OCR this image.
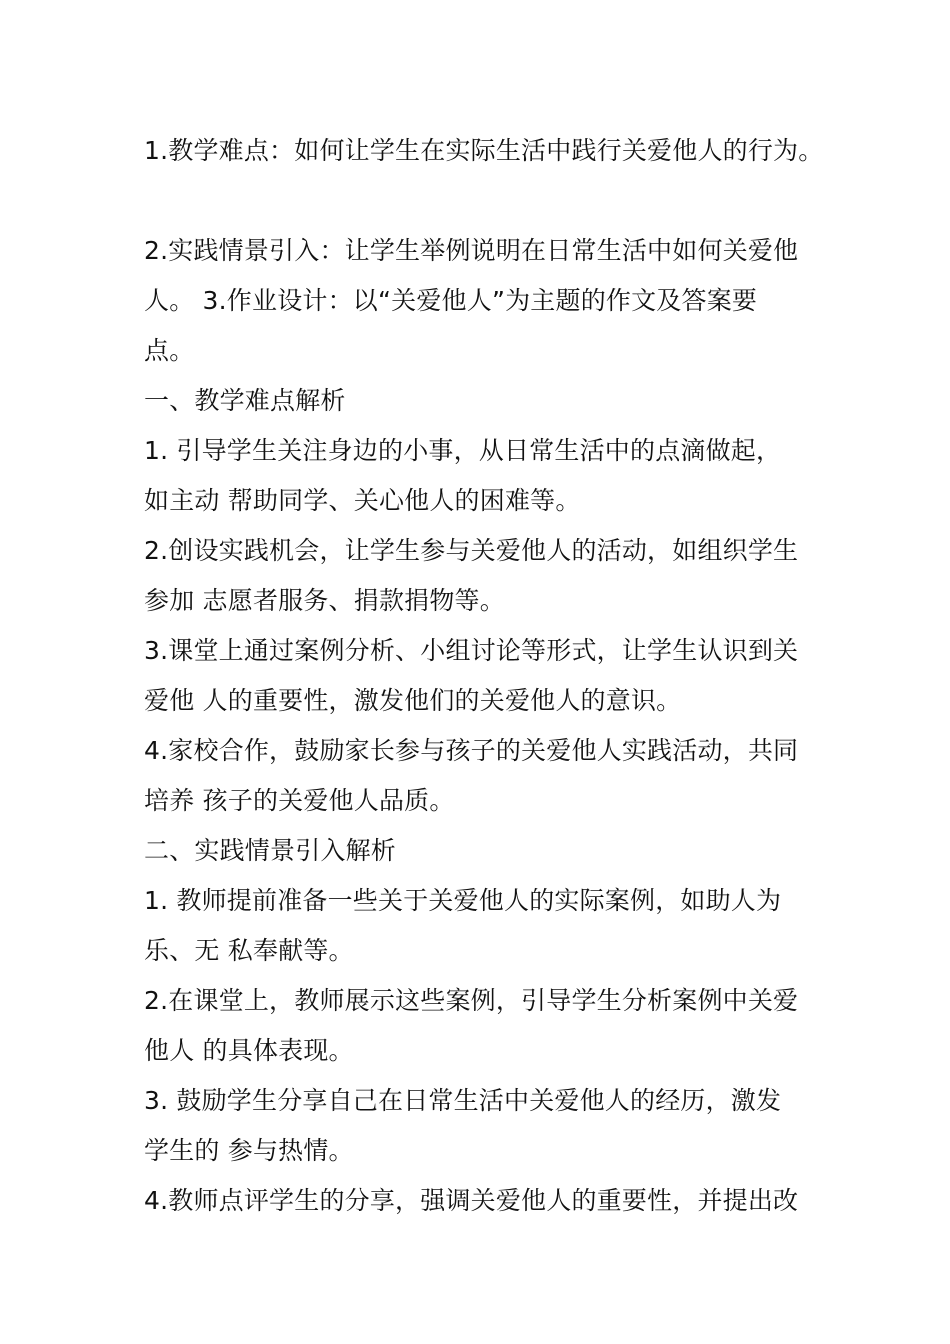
1.教学难点：如何让学生在实际生活中践行关爱他人的行为。
2.实践情景引入：让学生举例说明在日常生活中如何关爱他
人。 3.作业设计：以“关爱他人”为主题的作文及答案要
点。
一、教学难点解析
1. 引导学生关注身边的小事，从日常生活中的点滴做起，
如主动 帮助同学、关心他人的困难等。
2.创设实践机会，让学生参与关爱他人的活动，如组织学生
参加 志愿者服务、捐款捐物等。
3.课堂上通过案例分析、小组讨论等形式，让学生认识到关
爱他 人的重要性，激发他们的关爱他人的意识。
4.家校合作，鼓励家长参与孩子的关爱他人实践活动，共同
培养 孩子的关爱他人品质。
二、实践情景引入解析
1. 教师提前准备一些关于关爱他人的实际案例，如助人为
乐、无 私奉献等。
2.在课堂上，教师展示这些案例，引导学生分析案例中关爱
他人 的具体表现。
3. 鼓励学生分享自己在日常生活中关爱他人的经历，激发
学生的 参与热情。
4.教师点评学生的分享，强调关爱他人的重要性，并提出改
